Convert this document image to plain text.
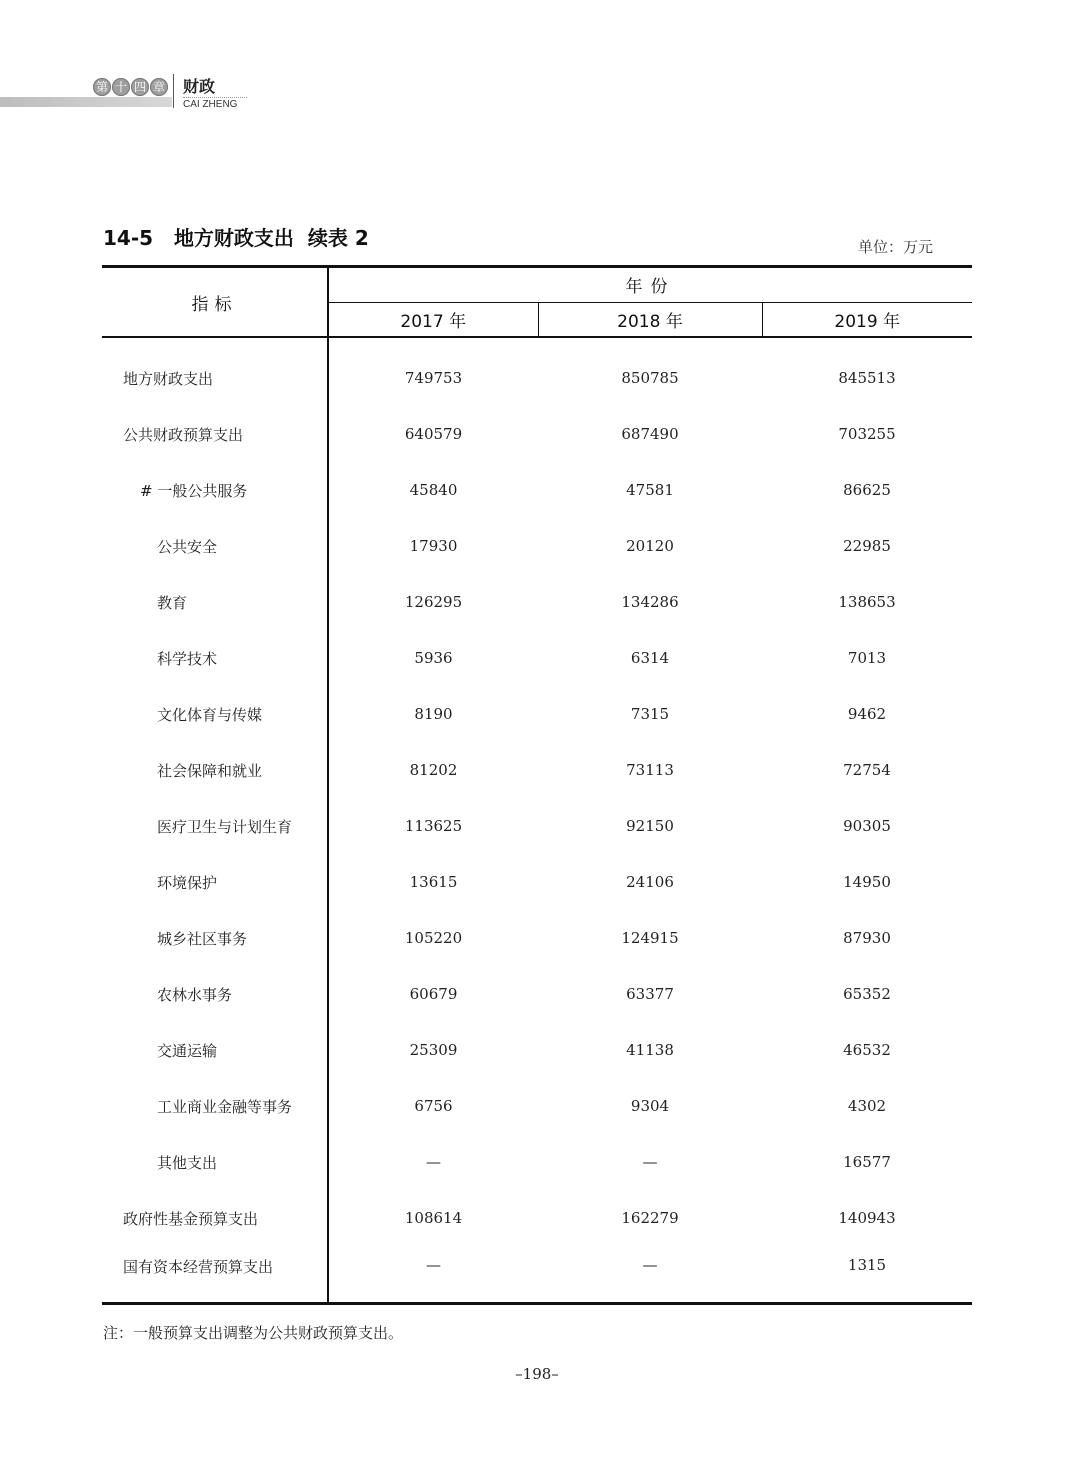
第 十 四 章 财政
CAI ZHENG
14-5   地方财政支出  续表 2	单位：万元
指标	年份		
	2017 年	2018 年	2019 年
地方财政支出	749753	850785	845513
公共财政预算支出	640579	687490	703255
# 一般公共服务	45840	47581	86625
公共安全	17930	20120	22985
教育	126295	134286	138653
科学技术	5936	6314	7013
文化体育与传媒	8190	7315	9462
社会保障和就业	81202	73113	72754
医疗卫生与计划生育	113625	92150	90305
环境保护	13615	24106	14950
城乡社区事务	105220	124915	87930
农林水事务	60679	63377	65352
交通运输	25309	41138	46532
工业商业金融等事务	6756	9304	4302
其他支出	—	—	16577
政府性基金预算支出	108614	162279	140943
国有资本经营预算支出	—	—	1315
注：一般预算支出调整为公共财政预算支出。
–198–
